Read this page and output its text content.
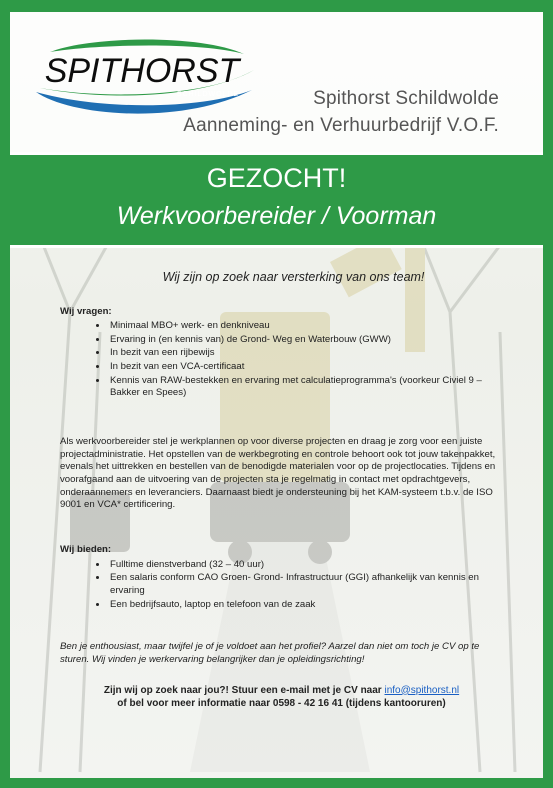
SPITHORST
SCHILDWOLDE	Spithorst Schildwolde
Aanneming- en Verhuurbedrijf V.O.F.
GEZOCHT!
Werkvoorbereider / Voorman
Wij zijn op zoek naar versterking van ons team!
Wij vragen:
• Minimaal MBO+ werk- en denkniveau
• Ervaring in (en kennis van) de Grond- Weg en Waterbouw (GWW)
• In bezit van een rijbewijs
• In bezit van een VCA-certificaat
• Kennis van RAW-bestekken en ervaring met calculatieprogramma's (voorkeur Civiel 9 – Bakker en Spees)
Als werkvoorbereider stel je werkplannen op voor diverse projecten en draag je zorg voor een juiste projectadministratie. Het opstellen van de werkbegroting en controle behoort ook tot jouw takenpakket, evenals het uittrekken en bestellen van de benodigde materialen voor op de projectlocaties. Tijdens en voorafgaand aan de uitvoering van de projecten sta je regelmatig in contact met opdrachtgevers, onderaannemers en leveranciers. Daarnaast biedt je ondersteuning bij het KAM-systeem t.b.v. de ISO 9001 en VCA* certificering.
Wij bieden:
• Fulltime dienstverband (32 – 40 uur)
• Een salaris conform CAO Groen- Grond- Infrastructuur (GGI) afhankelijk van kennis en ervaring
• Een bedrijfsauto, laptop en telefoon van de zaak
Ben je enthousiast, maar twijfel je of je voldoet aan het profiel? Aarzel dan niet om toch je CV op te sturen. Wij vinden je werkervaring belangrijker dan je opleidingsrichting!
Zijn wij op zoek naar jou?! Stuur een e-mail met je CV naar info@spithorst.nl
of bel voor meer informatie naar 0598 - 42 16 41 (tijdens kantooruren)
